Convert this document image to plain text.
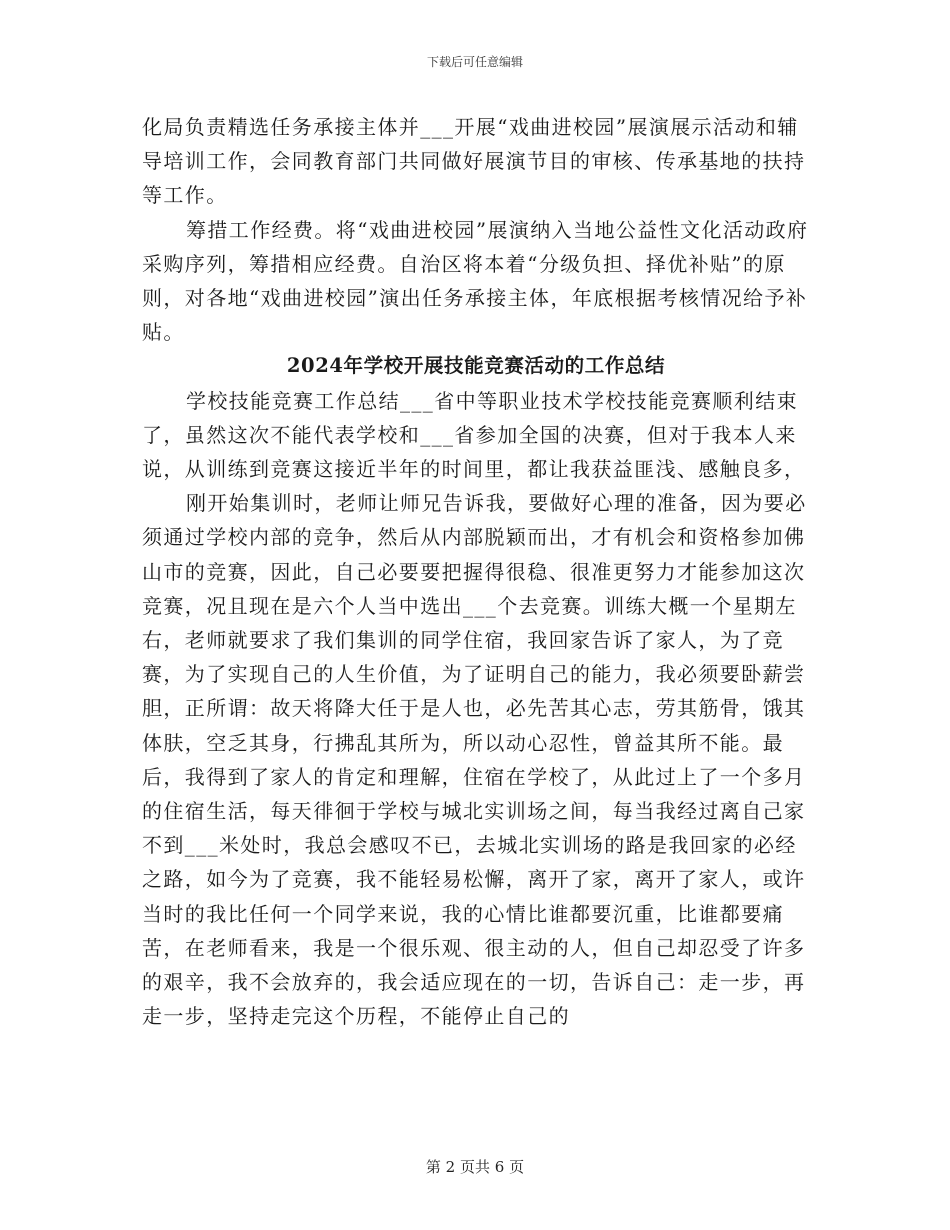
下载后可任意编辑

化局负责精选任务承接主体并___开展“戏曲进校园”展演展示活动和辅导培训工作，会同教育部门共同做好展演节目的审核、传承基地的扶持等工作。

筹措工作经费。将“戏曲进校园”展演纳入当地公益性文化活动政府采购序列，筹措相应经费。自治区将本着“分级负担、择优补贴”的原则，对各地“戏曲进校园”演出任务承接主体，年底根据考核情况给予补贴。

2024年学校开展技能竞赛活动的工作总结

学校技能竞赛工作总结___省中等职业技术学校技能竞赛顺利结束了，虽然这次不能代表学校和___省参加全国的决赛，但对于我本人来说，从训练到竞赛这接近半年的时间里，都让我获益匪浅、感触良多，

刚开始集训时，老师让师兄告诉我，要做好心理的准备，因为要必须通过学校内部的竞争，然后从内部脱颖而出，才有机会和资格参加佛山市的竞赛，因此，自己必要要把握得很稳、很准更努力才能参加这次竞赛，况且现在是六个人当中选出___个去竞赛。训练大概一个星期左右，老师就要求了我们集训的同学住宿，我回家告诉了家人，为了竞赛，为了实现自己的人生价值，为了证明自己的能力，我必须要卧薪尝胆，正所谓：故天将降大任于是人也，必先苦其心志，劳其筋骨，饿其体肤，空乏其身，行拂乱其所为，所以动心忍性，曾益其所不能。最后，我得到了家人的肯定和理解，住宿在学校了，从此过上了一个多月的住宿生活，每天徘徊于学校与城北实训场之间，每当我经过离自己家不到___米处时，我总会感叹不已，去城北实训场的路是我回家的必经之路，如今为了竞赛，我不能轻易松懈，离开了家，离开了家人，或许当时的我比任何一个同学来说，我的心情比谁都要沉重，比谁都要痛苦，在老师看来，我是一个很乐观、很主动的人，但自己却忍受了许多的艰辛，我不会放弃的，我会适应现在的一切，告诉自己：走一步，再走一步，坚持走完这个历程，不能停止自己的

第 2 页共 6 页
